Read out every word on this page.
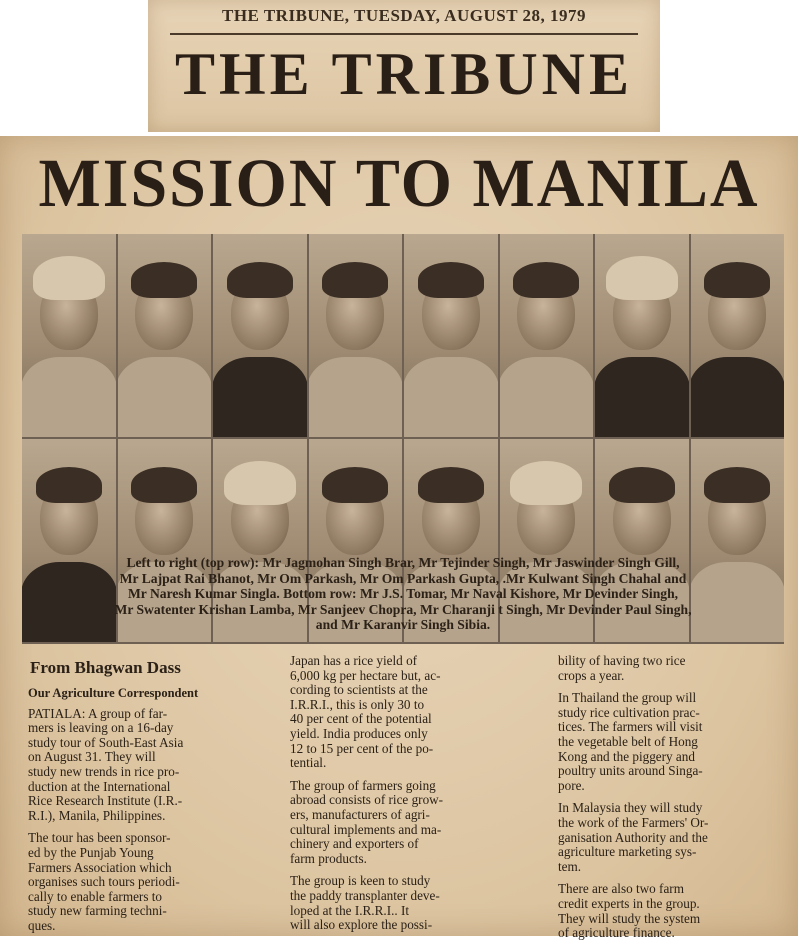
THE TRIBUNE, TUESDAY, AUGUST 28, 1979
THE TRIBUNE
MISSION TO MANILA
Left to right (top row): Mr Jagmohan Singh Brar, Mr Tejinder Singh, Mr Jaswinder Singh Gill,
Mr Lajpat Rai Bhanot, Mr Om Parkash, Mr Om Parkash Gupta, .Mr Kulwant Singh Chahal and
Mr Naresh Kumar Singla. Bottom row: Mr J.S. Tomar, Mr Naval Kishore, Mr Devinder Singh,
Mr Swatenter Krishan Lamba, Mr Sanjeev Chopra, Mr Charanji t Singh, Mr Devinder Paul Singh,
and Mr Karanvir Singh Sibia.
From Bhagwan Dass
Our Agriculture Correspondent
PATIALA: A group of far-
mers is leaving on a 16-day
study tour of South-East Asia
on August 31. They will
study new trends in rice pro-
duction at the International
Rice Research Institute (I.R.-
R.I.), Manila, Philippines.
The tour has been sponsor-
ed by the Punjab Young
Farmers Association which
organises such tours periodi-
cally to enable farmers to
study new farming techni-
ques.
Japan has a rice yield of
6,000 kg per hectare but, ac-
cording to scientists at the
I.R.R.I., this is only 30 to
40 per cent of the potential
yield. India produces only
12 to 15 per cent of the po-
tential.
The group of farmers going
abroad consists of rice grow-
ers, manufacturers of agri-
cultural implements and ma-
chinery and exporters of
farm products.
The group is keen to study
the paddy transplanter deve-
loped at the I.R.R.I.. It
will also explore the possi-
bility of having two rice
crops a year.
In Thailand the group will
study rice cultivation prac-
tices. The farmers will visit
the vegetable belt of Hong
Kong and the piggery and
poultry units around Singa-
pore.
In Malaysia they will study
the work of the Farmers' Or-
ganisation Authority and the
agriculture marketing sys-
tem.
There are also two farm
credit experts in the group.
They will study the system
of agriculture finance.
